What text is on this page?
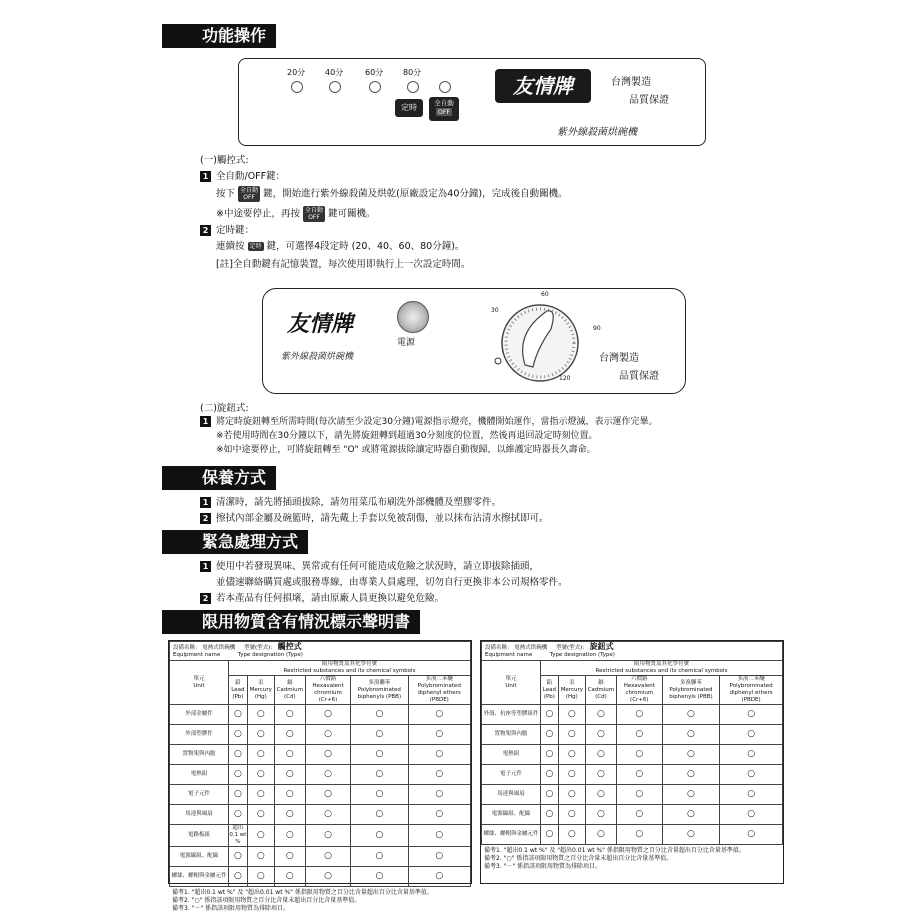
功能操作
20分 40分	60分 80分
定時	全自動
OFF
友情牌	台灣製造
品質保證
紫外線殺菌烘碗機
(一)觸控式:
1 全自動/OFF鍵：
按下 全自動
OFF 鍵，開始進行紫外線殺菌及烘乾(原廠設定為40分鐘)，完成後自動關機。
※中途要停止，再按 全自動
OFF 鍵可關機。
2 定時鍵：
連續按 定時 鍵，可選擇4段定時 (20、40、60、80分鐘)。
[註]全自動鍵有記憶裝置，每次使用即執行上一次設定時間。
友情牌
紫外線殺菌烘碗機
電源
30
60
90
120
台灣製造
品質保證
(二)旋鈕式:
1 將定時旋鈕轉至所需時間(每次請至少設定30分鐘)電源指示燈亮，機體開始運作，當指示燈滅，表示運作完畢。
※若使用時間在30分鐘以下，請先將旋鈕轉到超過30分刻度的位置，然後再退回設定時刻位置。
※如中途要停止，可將旋鈕轉至 "O" 或將電源拔除讓定時器自動復歸，以維護定時器長久壽命。
保養方式
1 清潔時，請先將插頭拔除，請勿用菜瓜布刷洗外部機體及塑膠零件。
2 擦拭內部金屬及碗籃時，請先戴上手套以免被刮傷，並以抹布沾清水擦拭即可。
緊急處理方式
1 使用中若發現異味、異常或有任何可能造成危險之狀況時，請立即拔除插頭，
並儘速聯絡購買處或服務專線，由專業人員處理，切勿自行更換非本公司規格零件。
2 若本產品有任何損壞，請由原廠人員更換以避免危險。
限用物質含有情況標示聲明書
設備名稱： 電熱式烘碗機 型號(型式)： 觸控式
Equipment name Type designation (Type)						
單元
Unit	限用物質及其化學符號
Restricted substances and its chemical symbols					
	鉛Lead (Pb)	汞Mercury (Hg)	鎘Cadmium (Cd)	六價鉻 Hexavalent chromium (Cr+6)	多溴聯苯 Polybrominated biphenyls (PBB)	多溴二苯醚 Polybrominated diphenyl ethers (PBDE)
外部金屬件	○	○	○	○	○	○
外部塑膠件	○	○	○	○	○	○
置物架與內膽	○	○	○	○	○	○
電熱組	○	○	○	○	○	○
電子元件	○	○	○	○	○	○
馬達與風扇	○	○	○	○	○	○
電路板組	超出 0.1 wt %	○	○	○	○	○
電源線組、配線	○	○	○	○	○	○
螺絲、螺帽與金屬元件	○	○	○	○	○	○
備考1. "超出0.1 wt %" 及 "超出0.01 wt %" 係指限用物質之百分比含量超出百分比含量基準值。
備考2. "○" 係指該項限用物質之百分比含量未超出百分比含量基準值。
備考3. "－" 係指該項限用物質為排除項目。
設備名稱： 電熱式烘碗機 型號(型式)： 旋鈕式
Equipment name Type designation (Type)						
單元
Unit	限用物質及其化學符號
Restricted substances and its chemical symbols					
	鉛Lead (Pb)	汞Mercury (Hg)	鎘Cadmium (Cd)	六價鉻 Hexavalent chromium (Cr+6)	多溴聯苯 Polybrominated biphenyls (PBB)	多溴二苯醚 Polybrominated diphenyl ethers (PBDE)
外殼、抗座等塑膠組件	○	○	○	○	○	○
置物架與內膽	○	○	○	○	○	○
電熱組	○	○	○	○	○	○
電子元件	○	○	○	○	○	○
馬達與風扇	○	○	○	○	○	○
電源線組、配線	○	○	○	○	○	○
螺絲、螺帽與金屬元件	○	○	○	○	○	○
備考1. "超出0.1 wt %" 及 "超出0.01 wt %" 係指限用物質之百分比含量超出百分比含量基準值。
備考2. "○" 係指該項限用物質之百分比含量未超出百分比含量基準值。
備考3. "－" 係指該項限用物質為排除項目。
